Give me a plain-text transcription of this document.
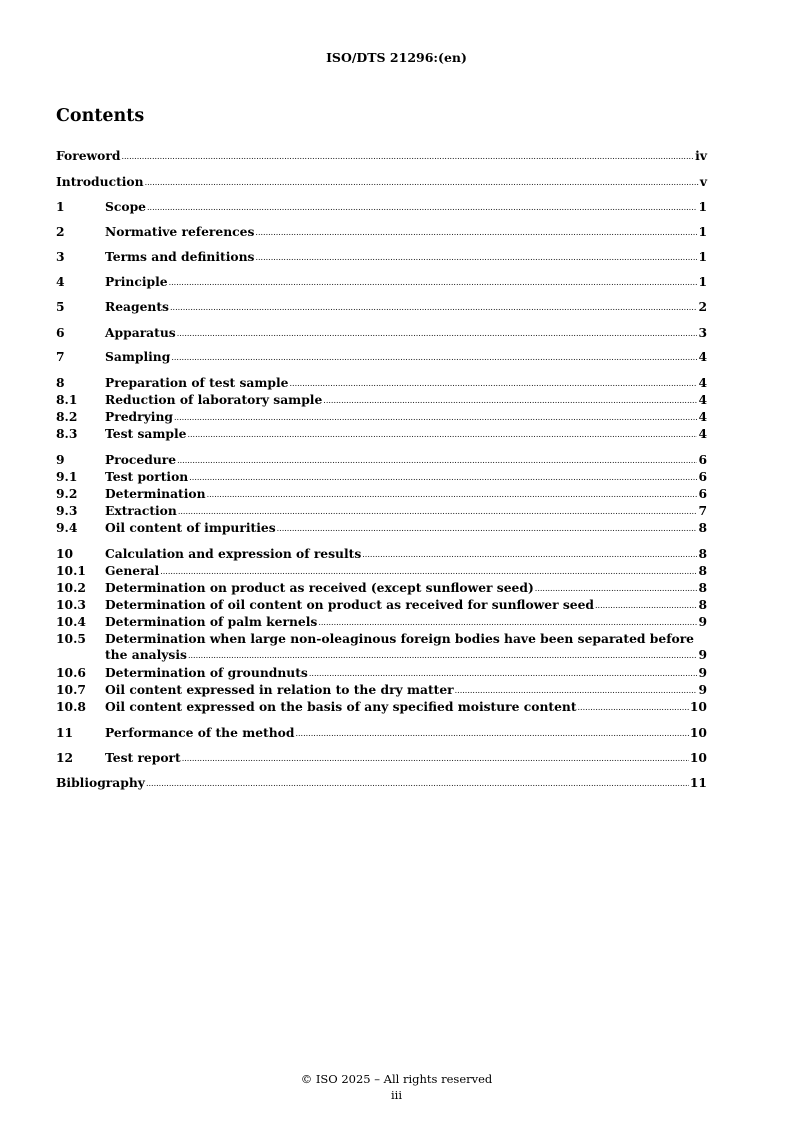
ISO/DTS 21296:(en)
Contents
Foreword .....	iv
Introduction .....	v
1	Scope .....	1
2	Normative references .....	1
3	Terms and definitions .....	1
4	Principle .....	1
5	Reagents .....	2
6	Apparatus .....	3
7	Sampling .....	4
8	Preparation of test sample .....	4
8.1	Reduction of laboratory sample .....	4
8.2	Predrying .....	4
8.3	Test sample .....	4
9	Procedure .....	6
9.1	Test portion .....	6
9.2	Determination .....	6
9.3	Extraction .....	7
9.4	Oil content of impurities .....	8
10	Calculation and expression of results .....	8
10.1	General .....	8
10.2	Determination on product as received (except sunflower seed) .....	8
10.3	Determination of oil content on product as received for sunflower seed .....	8
10.4	Determination of palm kernels .....	9
10.5	Determination when large non-oleaginous foreign bodies have been separated before
the analysis .....	9
10.6	Determination of groundnuts .....	9
10.7	Oil content expressed in relation to the dry matter .....	9
10.8	Oil content expressed on the basis of any specified moisture content .....	10
11	Performance of the method .....	10
12	Test report .....	10
Bibliography .....	11
© ISO 2025 – All rights reserved
iii
